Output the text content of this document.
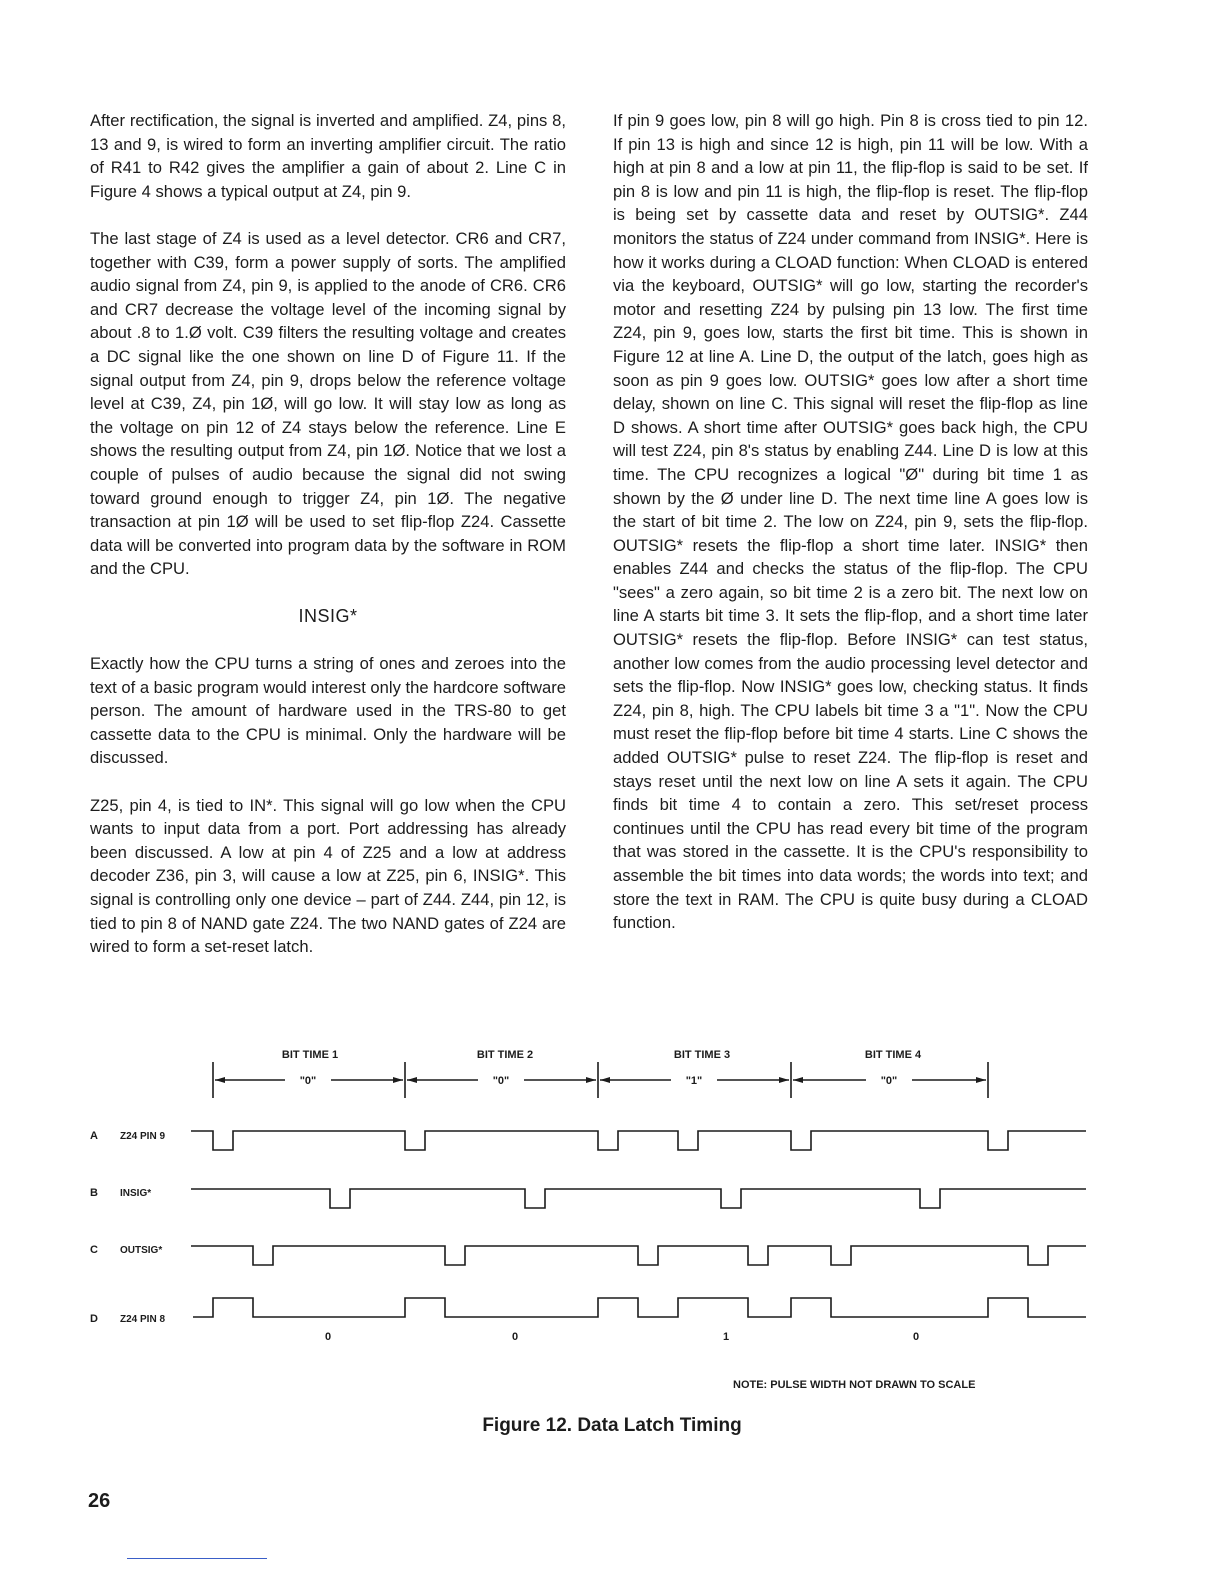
After rectification, the signal is inverted and amplified. Z4, pins 8, 13 and 9, is wired to form an inverting amplifier circuit. The ratio of R41 to R42 gives the amplifier a gain of about 2. Line C in Figure 4 shows a typical output at Z4, pin 9.

The last stage of Z4 is used as a level detector. CR6 and CR7, together with C39, form a power supply of sorts. The amplified audio signal from Z4, pin 9, is applied to the anode of CR6. CR6 and CR7 decrease the voltage level of the incoming signal by about .8 to 1.Ø volt. C39 filters the resulting voltage and creates a DC signal like the one shown on line D of Figure 11. If the signal output from Z4, pin 9, drops below the reference voltage level at C39, Z4, pin 1Ø, will go low. It will stay low as long as the voltage on pin 12 of Z4 stays below the reference. Line E shows the resulting output from Z4, pin 1Ø. Notice that we lost a couple of pulses of audio because the signal did not swing toward ground enough to trigger Z4, pin 1Ø. The negative transaction at pin 1Ø will be used to set flip-flop Z24. Cassette data will be converted into program data by the software in ROM and the CPU.

INSIG*

Exactly how the CPU turns a string of ones and zeroes into the text of a basic program would interest only the hardcore software person. The amount of hardware used in the TRS-80 to get cassette data to the CPU is minimal. Only the hardware will be discussed.

Z25, pin 4, is tied to IN*. This signal will go low when the CPU wants to input data from a port. Port addressing has already been discussed. A low at pin 4 of Z25 and a low at address decoder Z36, pin 3, will cause a low at Z25, pin 6, INSIG*. This signal is controlling only one device – part of Z44. Z44, pin 12, is tied to pin 8 of NAND gate Z24. The two NAND gates of Z24 are wired to form a set-reset latch.

If pin 9 goes low, pin 8 will go high. Pin 8 is cross tied to pin 12. If pin 13 is high and since 12 is high, pin 11 will be low. With a high at pin 8 and a low at pin 11, the flip-flop is said to be set. If pin 8 is low and pin 11 is high, the flip-flop is reset. The flip-flop is being set by cassette data and reset by OUTSIG*. Z44 monitors the status of Z24 under command from INSIG*. Here is how it works during a CLOAD function: When CLOAD is entered via the keyboard, OUTSIG* will go low, starting the recorder's motor and resetting Z24 by pulsing pin 13 low. The first time Z24, pin 9, goes low, starts the first bit time. This is shown in Figure 12 at line A. Line D, the output of the latch, goes high as soon as pin 9 goes low. OUTSIG* goes low after a short time delay, shown on line C. This signal will reset the flip-flop as line D shows. A short time after OUTSIG* goes back high, the CPU will test Z24, pin 8's status by enabling Z44. Line D is low at this time. The CPU recognizes a logical "Ø" during bit time 1 as shown by the Ø under line D. The next time line A goes low is the start of bit time 2. The low on Z24, pin 9, sets the flip-flop. OUTSIG* resets the flip-flop a short time later. INSIG* then enables Z44 and checks the status of the flip-flop. The CPU "sees" a zero again, so bit time 2 is a zero bit. The next low on line A starts bit time 3. It sets the flip-flop, and a short time later OUTSIG* resets the flip-flop. Before INSIG* can test status, another low comes from the audio processing level detector and sets the flip-flop. Now INSIG* goes low, checking status. It finds Z24, pin 8, high. The CPU labels bit time 3 a "1". Now the CPU must reset the flip-flop before bit time 4 starts. Line C shows the added OUTSIG* pulse to reset Z24. The flip-flop is reset and stays reset until the next low on line A sets it again. The CPU finds bit time 4 to contain a zero. This set/reset process continues until the CPU has read every bit time of the program that was stored in the cassette. It is the CPU's responsibility to assemble the bit times into data words; the words into text; and store the text in RAM. The CPU is quite busy during a CLOAD function.

BIT TIME 1	BIT TIME 2	BIT TIME 3	BIT TIME 4
"0"	"0"	"1"	"0"
A Z24 PIN 9
B INSIG*
C OUTSIG*
D Z24 PIN 8
0	0	1	0
NOTE: PULSE WIDTH NOT DRAWN TO SCALE
Figure 12. Data Latch Timing
26
